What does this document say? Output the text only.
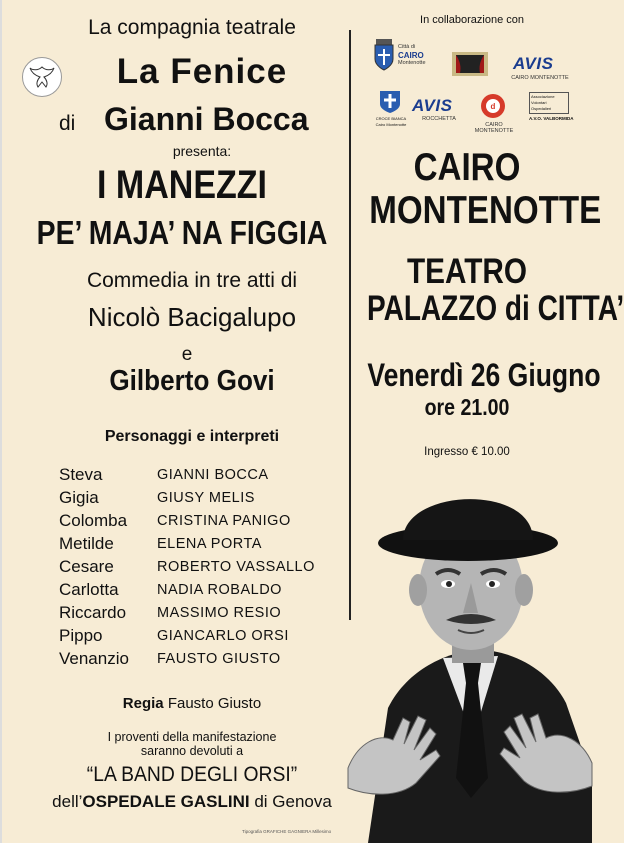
La compagnia teatrale
La Fenice
di Gianni Bocca
presenta:
I MANEZZI
PE’ MAJA’ NA FIGGIA
Commedia in tre atti di
Nicolò Bacigalupo
e
Gilberto Govi
Personaggi e interpreti
Steva	GIANNI BOCCA
Gigia	GIUSY MELIS
Colomba CRISTINA PANIGO
Metilde	ELENA PORTA
Cesare	ROBERTO VASSALLO
Carlotta	NADIA ROBALDO
Riccardo MASSIMO RESIO
Pippo	GIANCARLO ORSI
Venanzio FAUSTO GIUSTO
Regia Fausto Giusto
I proventi della manifestazione
saranno devoluti a
“LA BAND DEGLI ORSI”
dell’OSPEDALE GASLINI di Genova
In collaborazione con
Città di
CAIRO
Montenotte	AVIS
CAIRO MONTENOTTE
CROCE BIANCA
Cairo Montenotte
AVIS
ROCCHETTA
d
CAIRO MONTENOTTE
Associazione
Volontari
Ospedalieri
A.V.O. VALBORMIDA
CAIRO
MONTENOTTE
TEATRO
PALAZZO di CITTA’
Venerdì 26 Giugno
ore 21.00
Ingresso € 10.00
Tipografia GRAFICHE GAGNIERA Millesimo
